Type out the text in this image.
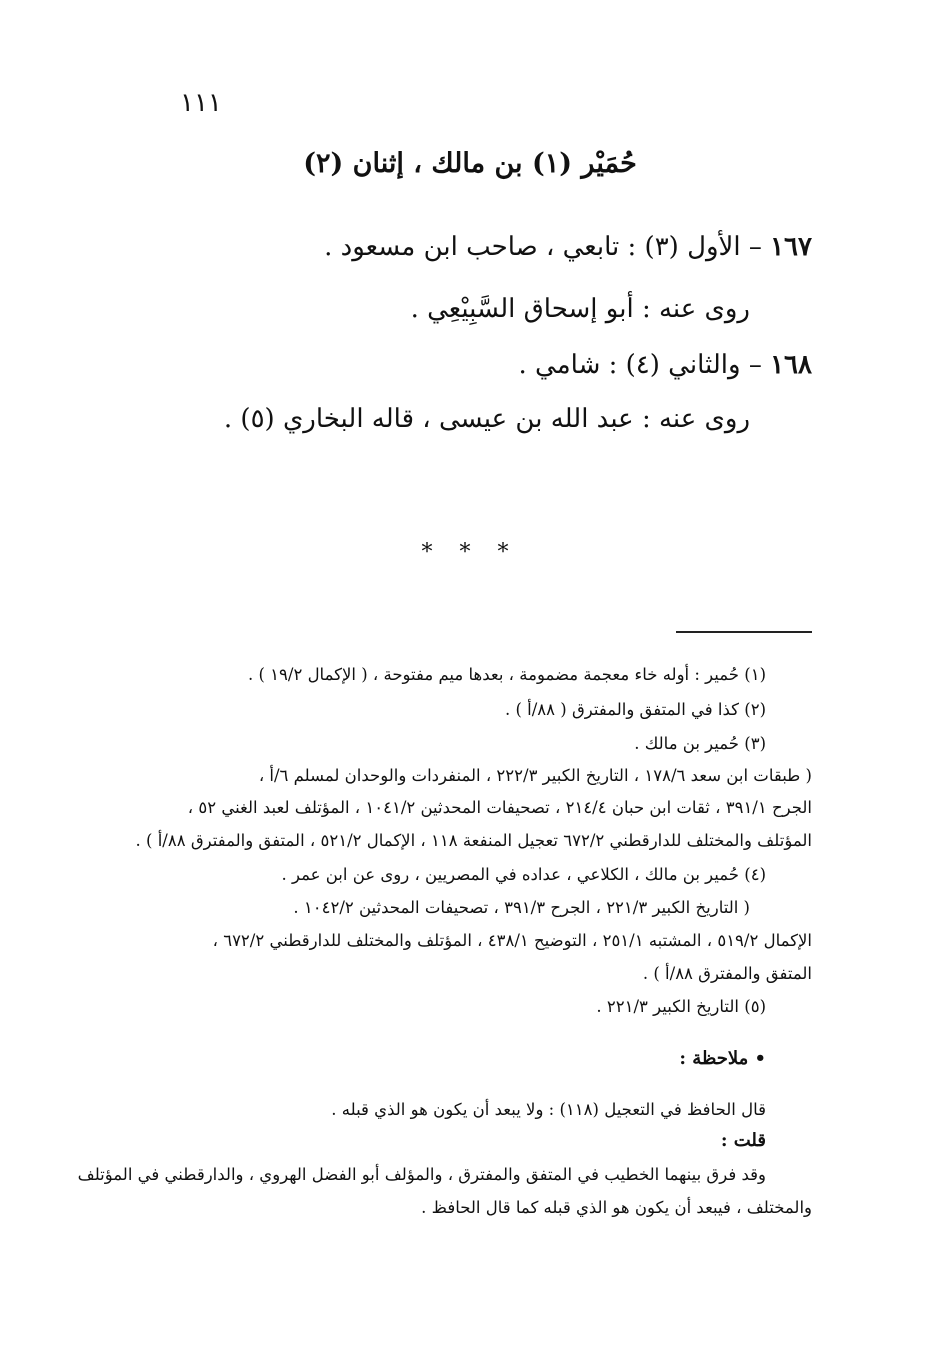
١١١
حُمَيْر (١) بن مالك ، إثنان (٢)
١٦٧ – الأول (٣) : تابعي ، صاحب ابن مسعود .
روى عنه : أبو إسحاق السَّبِيْعِي .
١٦٨ – والثاني (٤) : شامي .
روى عنه : عبد الله بن عيسى ، قاله البخاري (٥) .
* * *
(١) حُمير : أوله خاء معجمة مضمومة ، بعدها ميم مفتوحة ، ( الإكمال ١٩/٢ ) .
(٢) كذا في المتفق والمفترق ( ٨٨/أ ) .
(٣) حُمير بن مالك .
( طبقات ابن سعد ١٧٨/٦ ، التاريخ الكبير ٢٢٢/٣ ، المنفردات والوحدان لمسلم ٦/أ ،
الجرح ٣٩١/١ ، ثقات ابن حبان ٢١٤/٤ ، تصحيفات المحدثين ١٠٤١/٢ ، المؤتلف لعبد الغني ٥٢ ،
المؤتلف والمختلف للدارقطني ٦٧٢/٢ تعجيل المنفعة ١١٨ ، الإكمال ٥٢١/٢ ، المتفق والمفترق ٨٨/أ ) .
(٤) حُمير بن مالك ، الكلاعي ، عداده في المصريين ، روى عن ابن عمر .
( التاريخ الكبير ٢٢١/٣ ، الجرح ٣٩١/٣ ، تصحيفات المحدثين ١٠٤٢/٢ .
الإكمال ٥١٩/٢ ، المشتبه ٢٥١/١ ، التوضيح ٤٣٨/١ ، المؤتلف والمختلف للدارقطني ٦٧٢/٢ ،
المتفق والمفترق ٨٨/أ ) .
(٥) التاريخ الكبير ٢٢١/٣ .
• ملاحظة :
قال الحافظ في التعجيل (١١٨) : ولا يبعد أن يكون هو الذي قبله .
قلت :
وقد فرق بينهما الخطيب في المتفق والمفترق ، والمؤلف أبو الفضل الهروي ، والدارقطني في المؤتلف
والمختلف ، فيبعد أن يكون هو الذي قبله كما قال الحافظ .
